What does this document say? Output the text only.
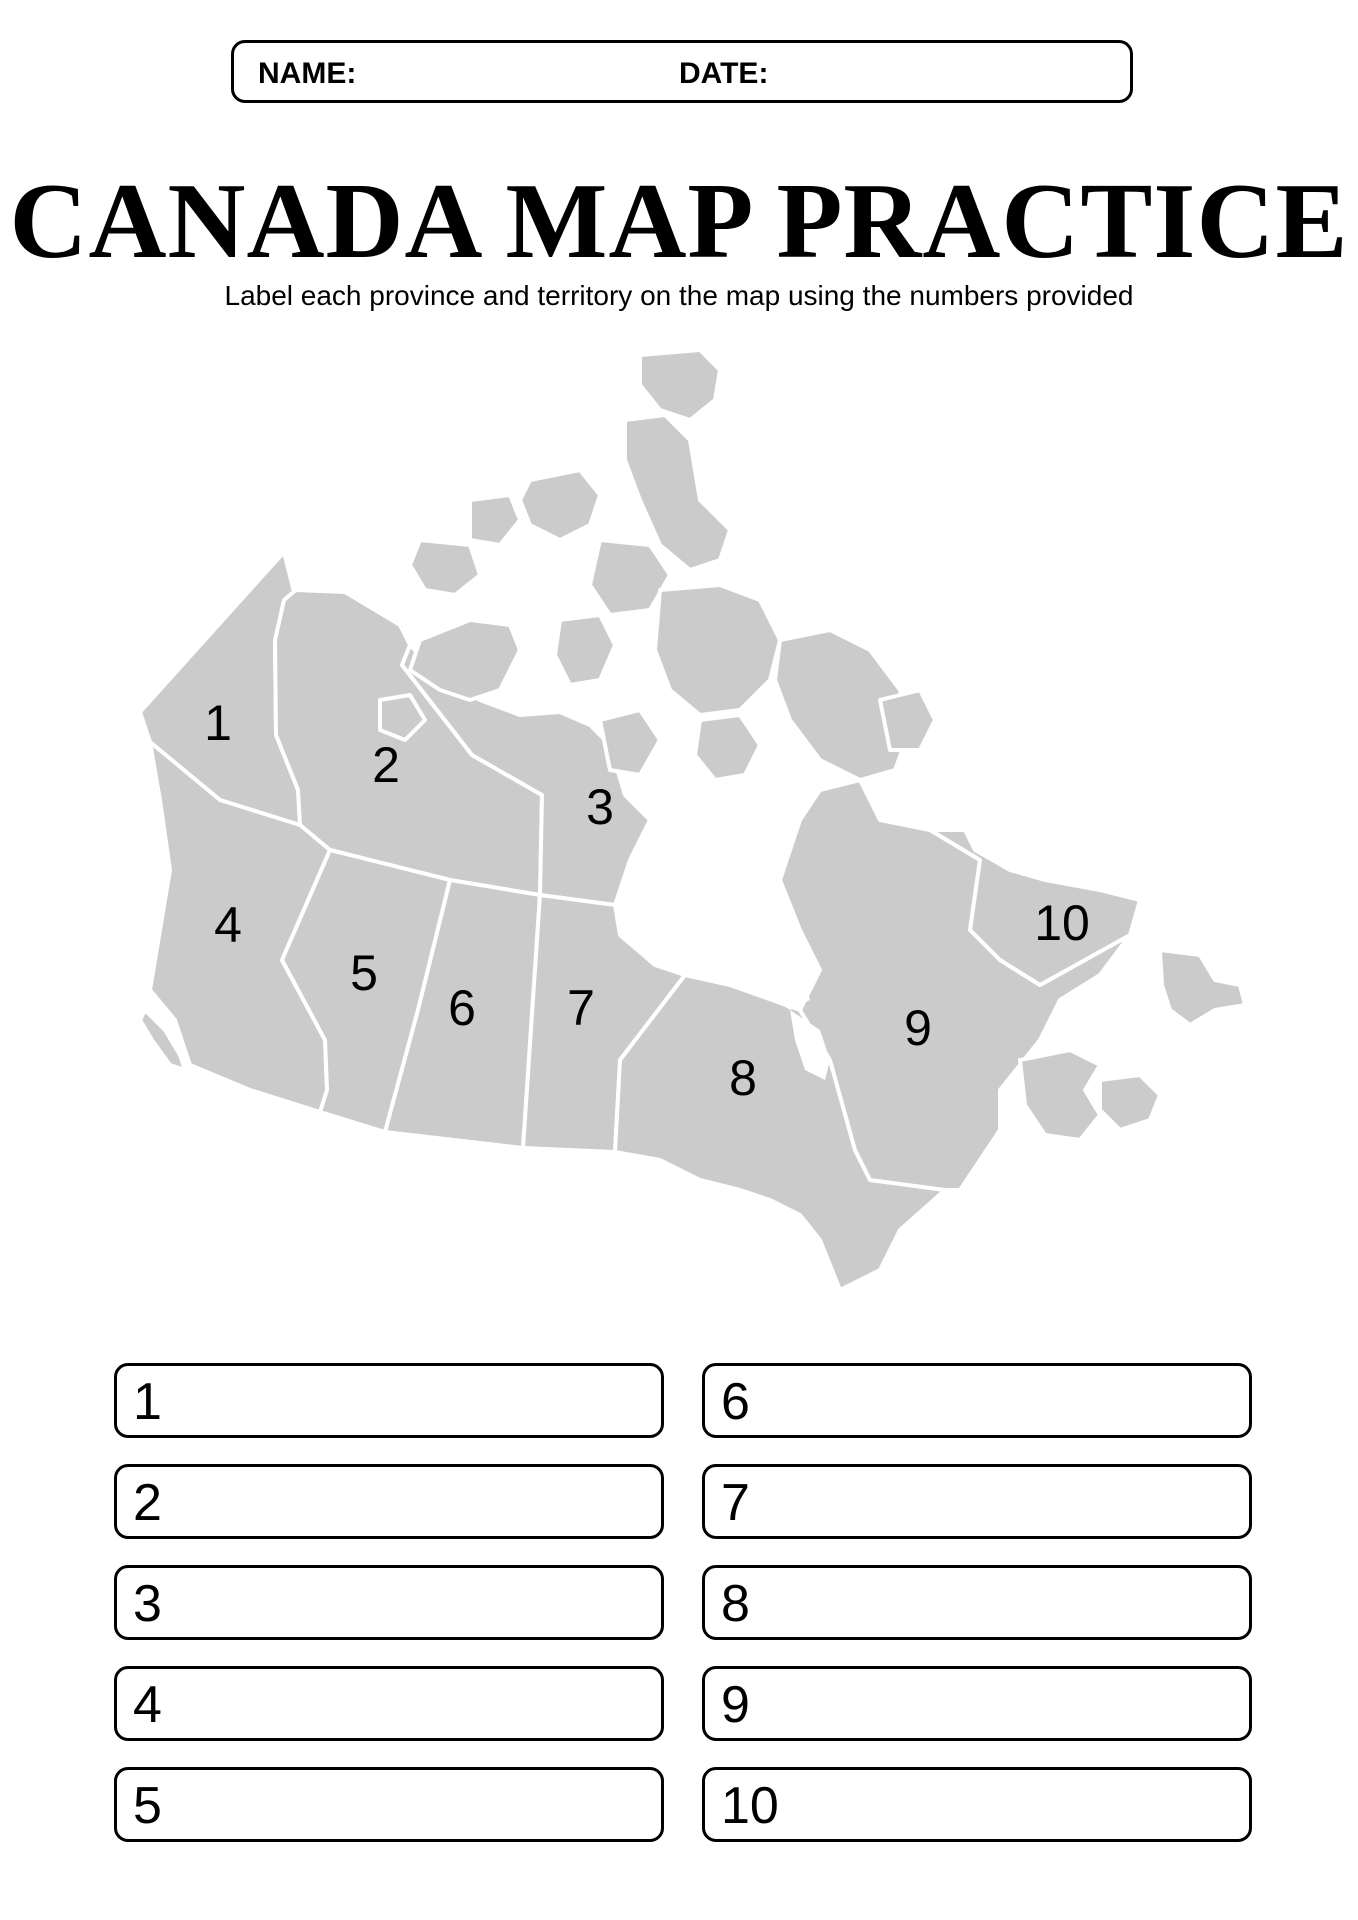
NAME:	DATE:
CANADA MAP PRACTICE
Label each province and territory on the map using the numbers provided
1
2
3
4
5
6 7
8
9
10
1
2
3
4
5
6
7
8
9
10
